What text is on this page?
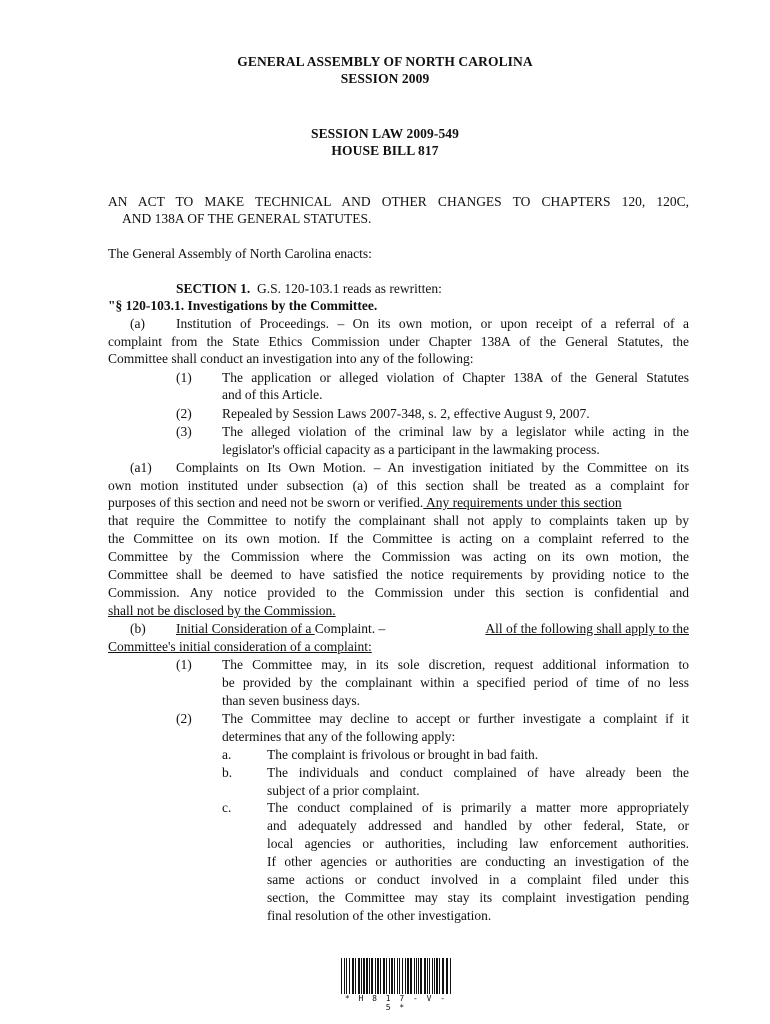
GENERAL ASSEMBLY OF NORTH CAROLINA
SESSION 2009
SESSION LAW 2009-549
HOUSE BILL 817
AN ACT TO MAKE TECHNICAL AND OTHER CHANGES TO CHAPTERS 120, 120C,
AND 138A OF THE GENERAL STATUTES.
The General Assembly of North Carolina enacts:
SECTION 1. G.S. 120-103.1 reads as rewritten:
"§ 120-103.1. Investigations by the Committee.
(a) Institution of Proceedings. – On its own motion, or upon receipt of a referral of a
complaint from the State Ethics Commission under Chapter 138A of the General Statutes, the
Committee shall conduct an investigation into any of the following:
(1) The application or alleged violation of Chapter 138A of the General Statutes
and of this Article.
(2) Repealed by Session Laws 2007-348, s. 2, effective August 9, 2007.
(3) The alleged violation of the criminal law by a legislator while acting in the
legislator's official capacity as a participant in the lawmaking process.
(a1) Complaints on Its Own Motion. – An investigation initiated by the Committee on its
own motion instituted under subsection (a) of this section shall be treated as a complaint for
purposes of this section and need not be sworn or verified. Any requirements under this section
that require the Committee to notify the complainant shall not apply to complaints taken up by
the Committee on its own motion. If the Committee is acting on a complaint referred to the
Committee by the Commission where the Commission was acting on its own motion, the
Committee shall be deemed to have satisfied the notice requirements by providing notice to the
Commission. Any notice provided to the Commission under this section is confidential and
shall not be disclosed by the Commission.
(b) Initial Consideration of a Complaint. –	All of the following shall apply to the
Committee's initial consideration of a complaint:
(1) The Committee may, in its sole discretion, request additional information to
be provided by the complainant within a specified period of time of no less
than seven business days.
(2) The Committee may decline to accept or further investigate a complaint if it
determines that any of the following apply:
a.	The complaint is frivolous or brought in bad faith.
b.	The individuals and conduct complained of have already been the
subject of a prior complaint.
c.	The conduct complained of is primarily a matter more appropriately
and adequately addressed and handled by other federal, State, or
local agencies or authorities, including law enforcement authorities.
If other agencies or authorities are conducting an investigation of the
same actions or conduct involved in a complaint filed under this
section, the Committee may stay its complaint investigation pending
final resolution of the other investigation.
* H 8 1 7 - V - 5 *
